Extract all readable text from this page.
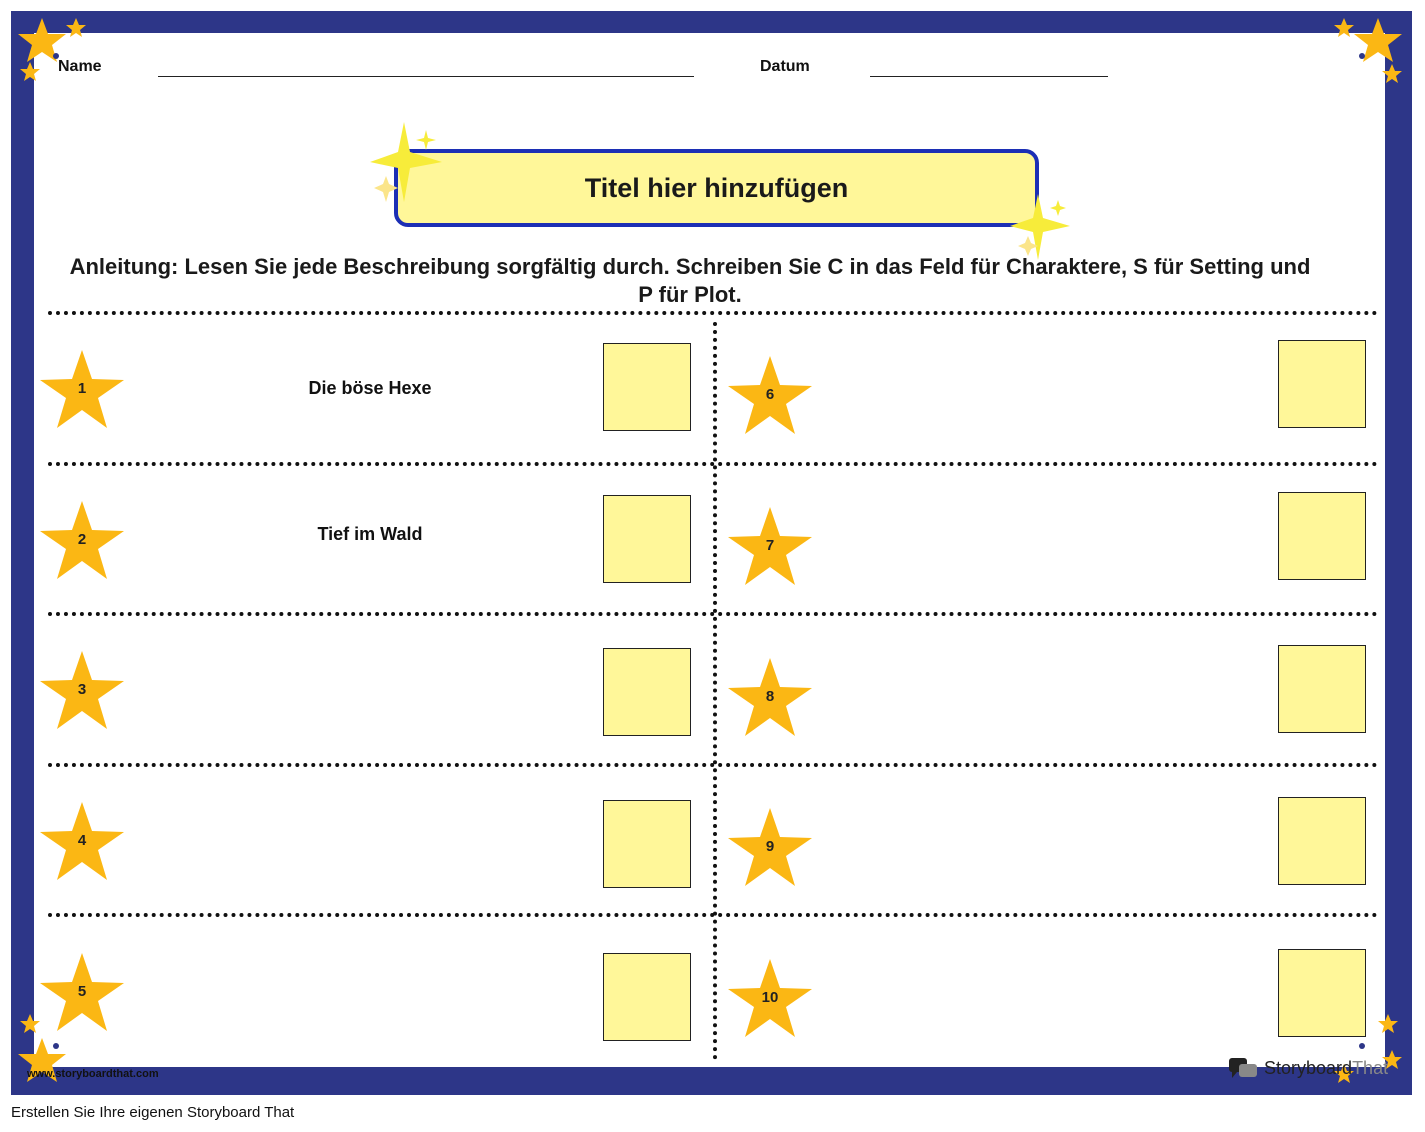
Name	Datum
Titel hier hinzufügen
Anleitung: Lesen Sie jede Beschreibung sorgfältig durch. Schreiben Sie C in das Feld für Charaktere, S für Setting und
P für Plot.
1	Die böse Hexe
2	Tief im Wald
3
4
5
6
7
8
9
10
www.storyboardthat.com	StoryboardThat
Erstellen Sie Ihre eigenen Storyboard That
